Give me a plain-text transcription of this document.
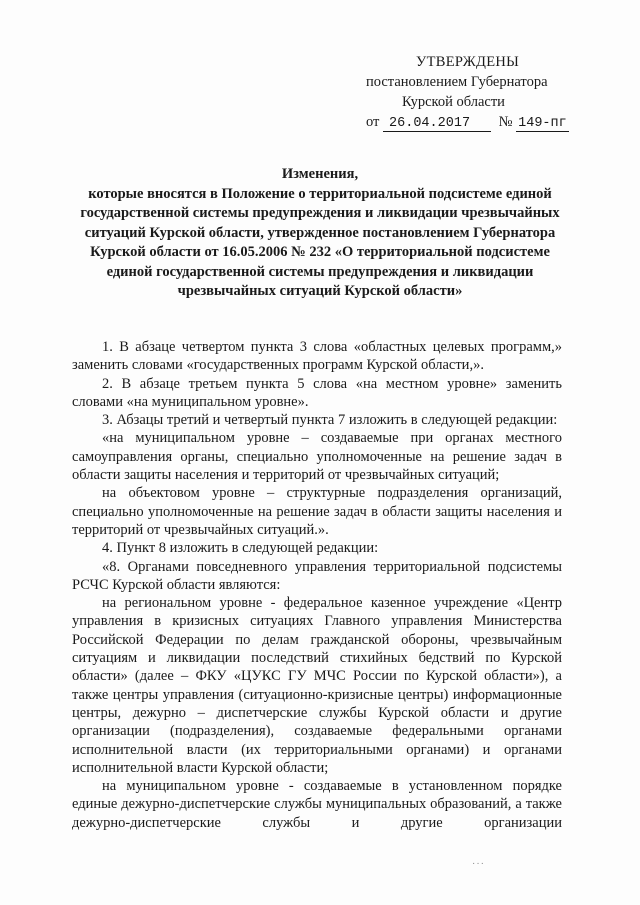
УТВЕРЖДЕНЫ
постановлением Губернатора
Курской области
от 26.04.2017 № 149-пг
Изменения,
которые вносятся в Положение о территориальной подсистеме единой государственной системы предупреждения и ликвидации чрезвычайных ситуаций Курской области, утвержденное постановлением Губернатора Курской области от 16.05.2006 № 232 «О территориальной подсистеме единой государственной системы предупреждения и ликвидации чрезвычайных ситуаций Курской области»

1. В абзаце четвертом пункта 3 слова «областных целевых программ,» заменить словами «государственных программ Курской области,».

2. В абзаце третьем пункта 5 слова «на местном уровне» заменить словами «на муниципальном уровне».

3. Абзацы третий и четвертый пункта 7 изложить в следующей редакции:

«на муниципальном уровне – создаваемые при органах местного самоуправления органы, специально уполномоченные на решение задач в области защиты населения и территорий от чрезвычайных ситуаций;

на объектовом уровне – структурные подразделения организаций, специально уполномоченные на решение задач в области защиты населения и территорий от чрезвычайных ситуаций.».

4. Пункт 8 изложить в следующей редакции:

«8. Органами повседневного управления территориальной подсистемы РСЧС Курской области являются:

на региональном уровне - федеральное казенное учреждение «Центр управления в кризисных ситуациях Главного управления Министерства Российской Федерации по делам гражданской обороны, чрезвычайным ситуациям и ликвидации последствий стихийных бедствий по Курской области» (далее – ФКУ «ЦУКС ГУ МЧС России по Курской области»), а также центры управления (ситуационно-кризисные центры) информационные центры, дежурно – диспетчерские службы Курской области и другие организации (подразделения), создаваемые федеральными органами исполнительной власти (их территориальными органами) и органами исполнительной власти Курской области;

на муниципальном уровне - создаваемые в установленном порядке единые дежурно-диспетчерские службы муниципальных образований, а также дежурно-диспетчерские службы и другие организации

···
